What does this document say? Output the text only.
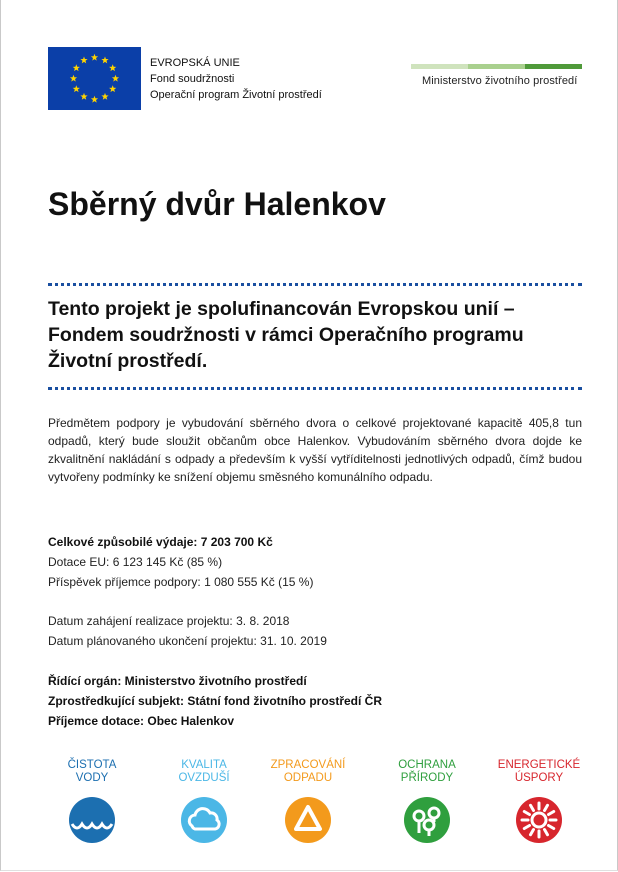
EVROPSKÁ UNIE
Fond soudržnosti
Operační program Životní prostředí
Ministerstvo životního prostředí
Sběrný dvůr Halenkov

Tento projekt je spolufinancován Evropskou unií – Fondem soudržnosti v rámci Operačního programu Životní prostředí.

Předmětem podpory je vybudování sběrného dvora o celkové projektované kapacitě 405,8 tun odpadů, který bude sloužit občanům obce Halenkov. Vybudováním sběrného dvora dojde ke zkvalitnění nakládání s odpady a především k vyšší vytříditelnosti jednotlivých odpadů, čímž budou vytvořeny podmínky ke snížení objemu směsného komunálního odpadu.

Celkové způsobilé výdaje: 7 203 700 Kč
Dotace EU: 6 123 145 Kč (85 %)
Příspěvek příjemce podpory: 1 080 555 Kč (15 %)
Datum zahájení realizace projektu: 3. 8. 2018
Datum plánovaného ukončení projektu: 31. 10. 2019
Řídící orgán: Ministerstvo životního prostředí
Zprostředkující subjekt: Státní fond životního prostředí ČR
Příjemce dotace: Obec Halenkov
ČISTOTA
VODY
KVALITA
OVZDUŠÍ
ZPRACOVÁNÍ
ODPADU
OCHRANA
PŘÍRODY
ENERGETICKÉ
ÚSPORY
